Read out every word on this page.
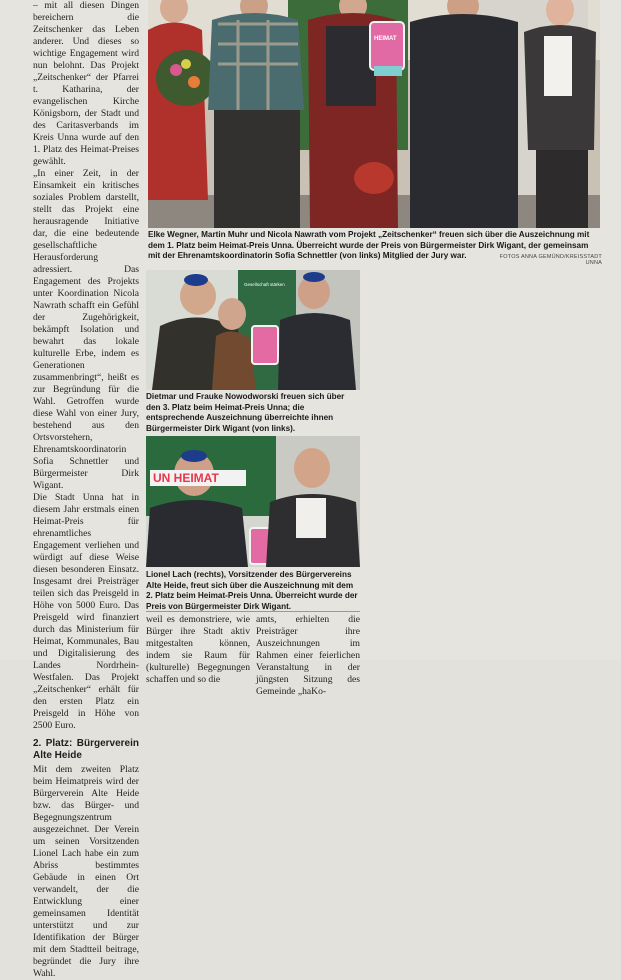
– mit all diesen Dingen bereichern die Zeitschenker das Leben anderer. Und dieses so wichtige Engagement wird nun belohnt. Das Projekt „Zeitschenker“ der Pfarrei t. Katharina, der evangelischen Kirche Königsborn, der Stadt und des Caritasverbands im Kreis Unna wurde auf den 1. Platz des Heimat-Preises gewählt.

„In einer Zeit, in der Einsamkeit ein kritisches soziales Problem darstellt, stellt das Projekt eine herausragende Initiative dar, die eine bedeutende gesellschaftliche Herausforderung adressiert. Das Engagement des Projekts unter Koordination Nicola Nawrath schafft ein Gefühl der Zugehörigkeit, bekämpft Isolation und bewahrt das lokale kulturelle Erbe, indem es Generationen zusammenbringt“, heißt es zur Begründung für die Wahl. Getroffen wurde diese Wahl von einer Jury, bestehend aus den Ortsvorstehern, Ehrenamtskoordinatorin Sofia Schnettler und Bürgermeister Dirk Wigant.

Die Stadt Unna hat in diesem Jahr erstmals einen Heimat-Preis für ehrenamtliches Engagement verliehen und würdigt auf diese Weise diesen besonderen Einsatz. Insgesamt drei Preisträger teilen sich das Preisgeld in Höhe von 5000 Euro. Das Preisgeld wird finanziert durch das Ministerium für Heimat, Kommunales, Bau und Digitalisierung des Landes Nordrhein-Westfalen. Das Projekt „Zeitschenker“ erhält für den ersten Platz ein Preisgeld in Höhe von 2500 Euro.

2. Platz: Bürgerverein Alte Heide

Mit dem zweiten Platz beim Heimatpreis wird der Bürgerverein Alte Heide bzw. das Bürger- und Begegnungszentrum ausgezeichnet. Der Verein um seinen Vorsitzenden Lionel Lach habe ein zum Abriss bestimmtes Gebäude in einen Ort verwandelt, der die Entwicklung einer gemeinsamen Identität unterstützt und zur Identifikation der Bürger mit dem Stadtteil beitrage, begründet die Jury ihre Wahl.

HEIMAT
Elke Wegner, Martin Muhr und Nicola Nawrath vom Projekt „Zeitschenker“ freuen sich über die Auszeichnung mit dem 1. Platz beim Heimat-Preis Unna. Überreicht wurde der Preis von Bürgermeister Dirk Wigant, der gemeinsam mit der Ehrenamtskoordinatorin Sofia Schnettler (von links) Mitglied der Jury war.	FOTOS ANNA GEMÜND/KREISSTADT UNNA
Gesellschaft stärken
Dietmar und Frauke Nowodworski freuen sich über den 3. Platz beim Heimat-Preis Unna; die entsprechende Auszeichnung überreichte ihnen Bürgermeister Dirk Wigant (von links).
UN HEIMAT
Lionel Lach (rechts), Vorsitzender des Bürgervereins Alte Heide, freut sich über die Auszeichnung mit dem 2. Platz beim Heimat-Preis Unna. Überreicht wurde der Preis von Bürgermeister Dirk Wigant.
weil es demonstriere, wie Bürger ihre Stadt aktiv mitgestalten können, indem sie Raum für (kulturelle) Begegnungen schaffen und so die
amts, erhielten die Preisträger ihre Auszeichnungen im Rahmen einer feierlichen Veranstaltung in der jüngsten Sitzung des Gemeinde „haKo-
